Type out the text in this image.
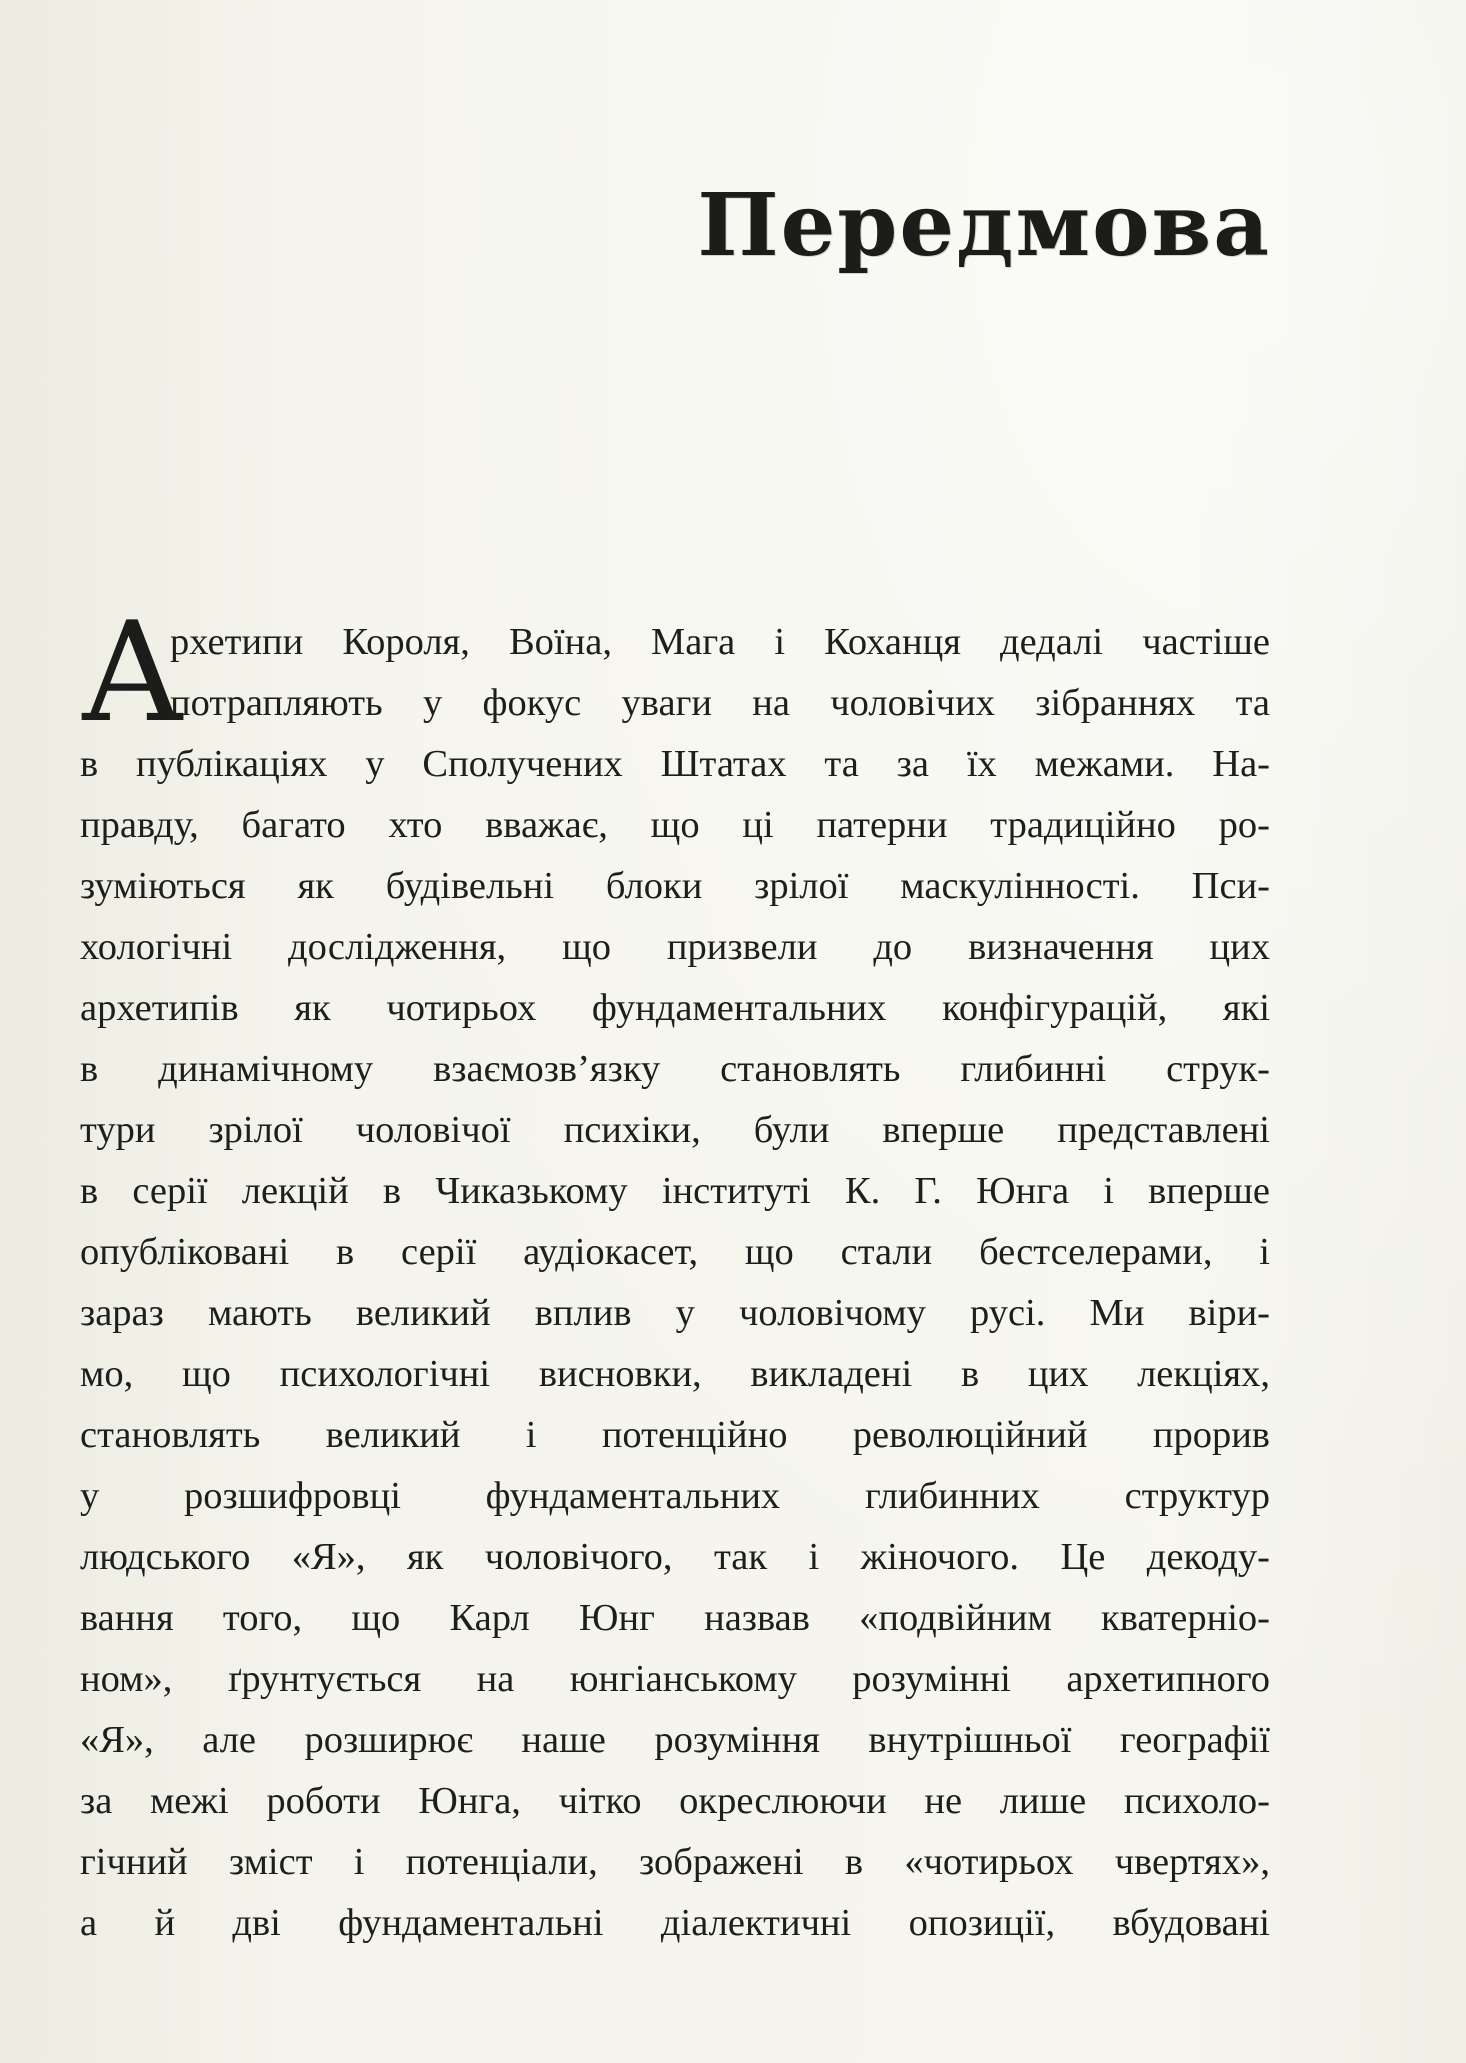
Передмова
А
рхетипи Короля, Воїна, Мага і Коханця дедалі частіше
потрапляють у фокус уваги на чоловічих зібраннях та
в публікаціях у Сполучених Штатах та за їх межами. На-
правду, багато хто вважає, що ці патерни традиційно ро-
зуміються як будівельні блоки зрілої маскулінності. Пси-
хологічні дослідження, що призвели до визначення цих
архетипів як чотирьох фундаментальних конфігурацій, які
в динамічному взаємозв’язку становлять глибинні струк-
тури зрілої чоловічої психіки, були вперше представлені
в серії лекцій в Чиказькому інституті К. Г. Юнга і вперше
опубліковані в серії аудіокасет, що стали бестселерами, і
зараз мають великий вплив у чоловічому русі. Ми віри-
мо, що психологічні висновки, викладені в цих лекціях,
становлять великий і потенційно революційний прорив
у розшифровці фундаментальних глибинних структур
людського «Я», як чоловічого, так і жіночого. Це декоду-
вання того, що Карл Юнг назвав «подвійним кватерніо-
ном», ґрунтується на юнгіанському розумінні архетипного
«Я», але розширює наше розуміння внутрішньої географії
за межі роботи Юнга, чітко окреслюючи не лише психоло-
гічний зміст і потенціали, зображені в «чотирьох чвертях»,
а й дві фундаментальні діалектичні опозиції, вбудовані
